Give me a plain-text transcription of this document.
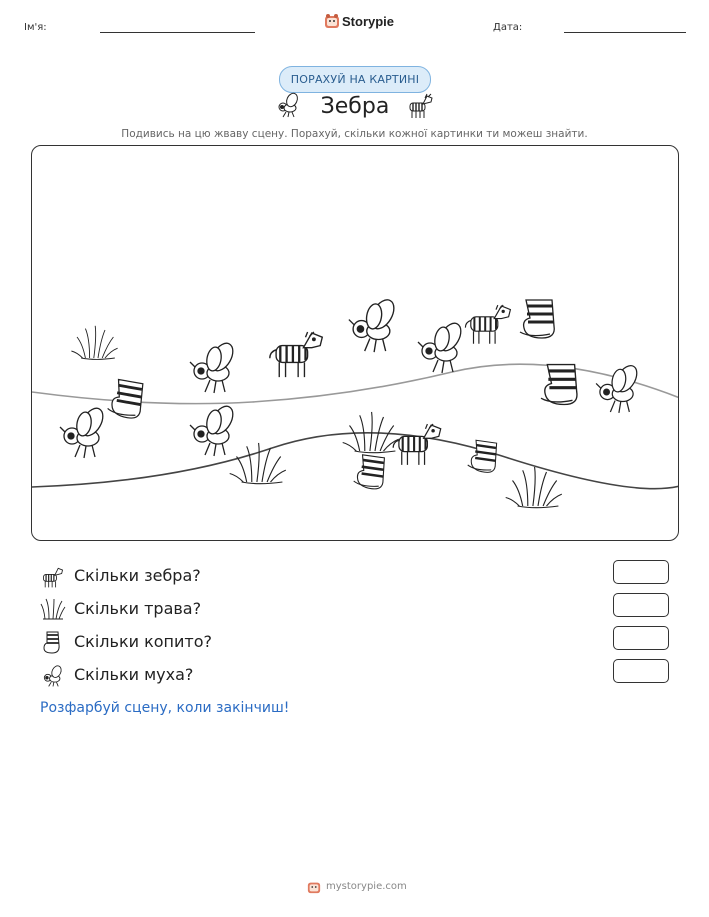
Ім'я:	Storypie	Дата:
ПОРАХУЙ НА КАРТИНІ
Зебра
Подивись на цю жваву сцену. Порахуй, скільки кожної картинки ти можеш знайти.
Скільки зебра?
Скільки трава?
Скільки копито?
Скільки муха?
Розфарбуй сцену, коли закінчиш!
mystorypie.com
